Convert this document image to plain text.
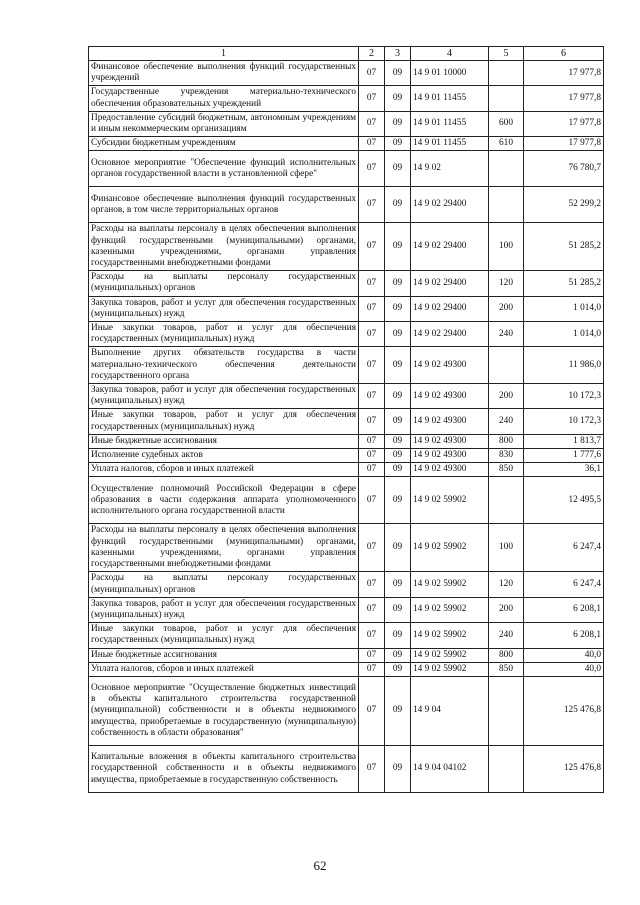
1	2	3	4	5	6
Финансовое обеспечение выполнения функций государственных учреждений	07	09	14 9 01 10000		17 977,8
Государственные учреждения материально-технического обеспечения образовательных учреждений	07	09	14 9 01 11455		17 977,8
Предоставление субсидий бюджетным, автономным учреждениям и иным некоммерческим организациям	07	09	14 9 01 11455	600	17 977,8
Субсидии бюджетным учреждениям	07	09	14 9 01 11455	610	17 977,8
Основное мероприятие "Обеспечение функций исполнительных органов государственной власти в установленной сфере"	07	09	14 9 02		76 780,7
Финансовое обеспечение выполнения функций государственных органов, в том числе территориальных органов	07	09	14 9 02 29400		52 299,2
Расходы на выплаты персоналу в целях обеспечения выполнения функций государственными (муниципальными) органами, казенными учреждениями, органами управления государственными внебюджетными фондами	07	09	14 9 02 29400	100	51 285,2
Расходы на выплаты персоналу государственных (муниципальных) органов	07	09	14 9 02 29400	120	51 285,2
Закупка товаров, работ и услуг для обеспечения государственных (муниципальных) нужд	07	09	14 9 02 29400	200	1 014,0
Иные закупки товаров, работ и услуг для обеспечения государственных (муниципальных) нужд	07	09	14 9 02 29400	240	1 014,0
Выполнение других обязательств государства в части материально-технического обеспечения деятельности государственного органа	07	09	14 9 02 49300		11 986,0
Закупка товаров, работ и услуг для обеспечения государственных (муниципальных) нужд	07	09	14 9 02 49300	200	10 172,3
Иные закупки товаров, работ и услуг для обеспечения государственных (муниципальных) нужд	07	09	14 9 02 49300	240	10 172,3
Иные бюджетные ассигнования	07	09	14 9 02 49300	800	1 813,7
Исполнение судебных актов	07	09	14 9 02 49300	830	1 777,6
Уплата налогов, сборов и иных платежей	07	09	14 9 02 49300	850	36,1
Осуществление полномочий Российской Федерации в сфере образования в части содержания аппарата уполномоченного исполнительного органа государственной власти	07	09	14 9 02 59902		12 495,5
Расходы на выплаты персоналу в целях обеспечения выполнения функций государственными (муниципальными) органами, казенными учреждениями, органами управления государственными внебюджетными фондами	07	09	14 9 02 59902	100	6 247,4
Расходы на выплаты персоналу государственных (муниципальных) органов	07	09	14 9 02 59902	120	6 247,4
Закупка товаров, работ и услуг для обеспечения государственных (муниципальных) нужд	07	09	14 9 02 59902	200	6 208,1
Иные закупки товаров, работ и услуг для обеспечения государственных (муниципальных) нужд	07	09	14 9 02 59902	240	6 208,1
Иные бюджетные ассигнования	07	09	14 9 02 59902	800	40,0
Уплата налогов, сборов и иных платежей	07	09	14 9 02 59902	850	40,0
Основное мероприятие "Осуществление бюджетных инвестиций в объекты капитального строительства государственной (муниципальной) собственности и в объекты недвижимого имущества, приобретаемые в государственную (муниципальную) собственность в области образования"	07	09	14 9 04		125 476,8
Капитальные вложения в объекты капитального строительства государственной собственности и в объекты недвижимого имущества, приобретаемые в государственную собственность	07	09	14 9 04 04102		125 476,8
62
